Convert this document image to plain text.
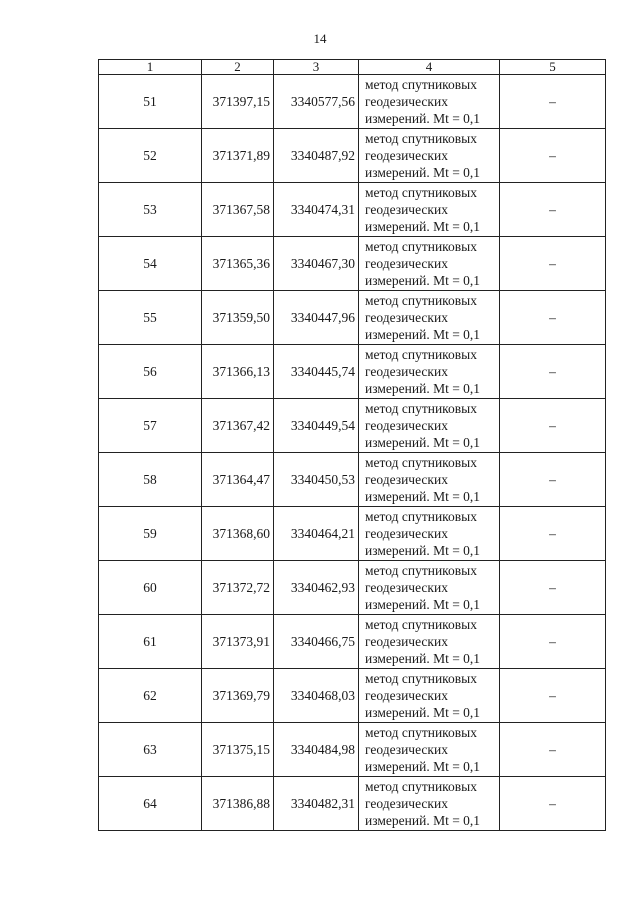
14
1	2	3	4	5
51	371397,15	3340577,56	метод спутниковых
геодезических
измерений. Mt = 0,1	–
52	371371,89	3340487,92	метод спутниковых
геодезических
измерений. Mt = 0,1	–
53	371367,58	3340474,31	метод спутниковых
геодезических
измерений. Mt = 0,1	–
54	371365,36	3340467,30	метод спутниковых
геодезических
измерений. Mt = 0,1	–
55	371359,50	3340447,96	метод спутниковых
геодезических
измерений. Mt = 0,1	–
56	371366,13	3340445,74	метод спутниковых
геодезических
измерений. Mt = 0,1	–
57	371367,42	3340449,54	метод спутниковых
геодезических
измерений. Mt = 0,1	–
58	371364,47	3340450,53	метод спутниковых
геодезических
измерений. Mt = 0,1	–
59	371368,60	3340464,21	метод спутниковых
геодезических
измерений. Mt = 0,1	–
60	371372,72	3340462,93	метод спутниковых
геодезических
измерений. Mt = 0,1	–
61	371373,91	3340466,75	метод спутниковых
геодезических
измерений. Mt = 0,1	–
62	371369,79	3340468,03	метод спутниковых
геодезических
измерений. Mt = 0,1	–
63	371375,15	3340484,98	метод спутниковых
геодезических
измерений. Mt = 0,1	–
64	371386,88	3340482,31	метод спутниковых
геодезических
измерений. Mt = 0,1	–
